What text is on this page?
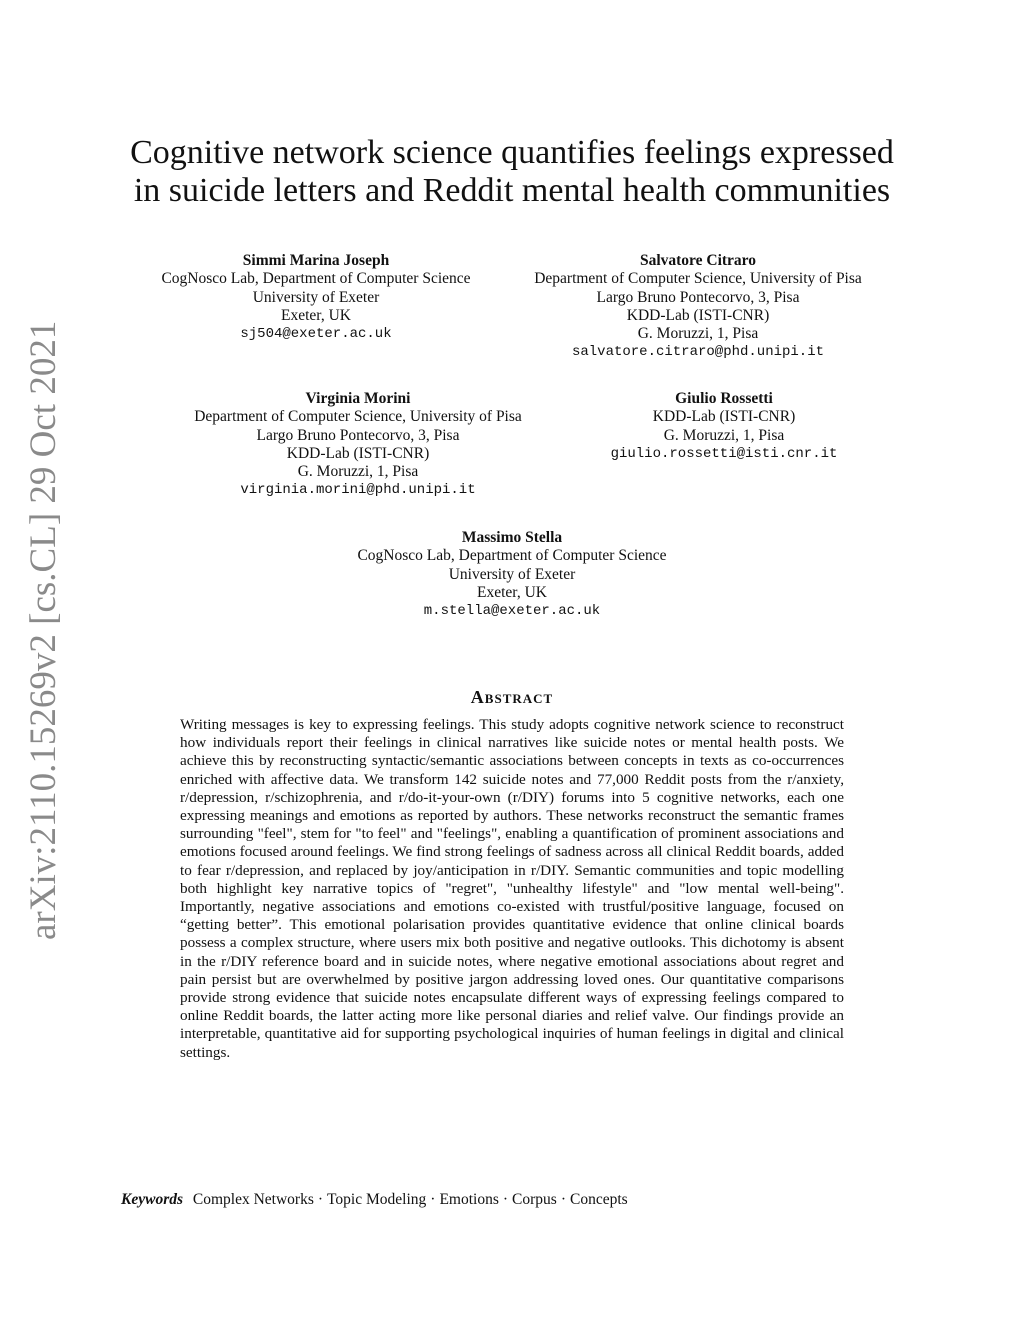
arXiv:2110.15269v2 [cs.CL] 29 Oct 2021
Cognitive network science quantifies feelings expressed
in suicide letters and Reddit mental health communities
Simmi Marina Joseph
CogNosco Lab, Department of Computer Science
University of Exeter
Exeter, UK
sj504@exeter.ac.uk
Salvatore Citraro
Department of Computer Science, University of Pisa
Largo Bruno Pontecorvo, 3, Pisa
KDD-Lab (ISTI-CNR)
G. Moruzzi, 1, Pisa
salvatore.citraro@phd.unipi.it
Virginia Morini
Department of Computer Science, University of Pisa
Largo Bruno Pontecorvo, 3, Pisa
KDD-Lab (ISTI-CNR)
G. Moruzzi, 1, Pisa
virginia.morini@phd.unipi.it
Giulio Rossetti
KDD-Lab (ISTI-CNR)
G. Moruzzi, 1, Pisa
giulio.rossetti@isti.cnr.it
Massimo Stella
CogNosco Lab, Department of Computer Science
University of Exeter
Exeter, UK
m.stella@exeter.ac.uk
Abstract

Writing messages is key to expressing feelings. This study adopts cognitive network science to reconstruct how individuals report their feelings in clinical narratives like suicide notes or mental health posts. We achieve this by reconstructing syntactic/semantic associations between concepts in texts as co-occurrences enriched with affective data. We transform 142 suicide notes and 77,000 Reddit posts from the r/anxiety, r/depression, r/schizophrenia, and r/do-it-your-own (r/DIY) forums into 5 cognitive networks, each one expressing meanings and emotions as reported by authors. These networks reconstruct the semantic frames surrounding "feel", stem for "to feel" and "feelings", enabling a quantification of prominent associations and emotions focused around feelings. We find strong feelings of sadness across all clinical Reddit boards, added to fear r/depression, and replaced by joy/anticipation in r/DIY. Semantic communities and topic modelling both highlight key narrative topics of "regret", "unhealthy lifestyle" and "low mental well-being". Importantly, negative associations and emotions co-existed with trustful/positive language, focused on “getting better”. This emotional polarisation provides quantitative evidence that online clinical boards possess a complex structure, where users mix both positive and negative outlooks. This dichotomy is absent in the r/DIY reference board and in suicide notes, where negative emotional associations about regret and pain persist but are overwhelmed by positive jargon addressing loved ones. Our quantitative comparisons provide strong evidence that suicide notes encapsulate different ways of expressing feelings compared to online Reddit boards, the latter acting more like personal diaries and relief valve. Our findings provide an interpretable, quantitative aid for supporting psychological inquiries of human feelings in digital and clinical settings.

Keywords Complex Networks · Topic Modeling · Emotions · Corpus · Concepts
